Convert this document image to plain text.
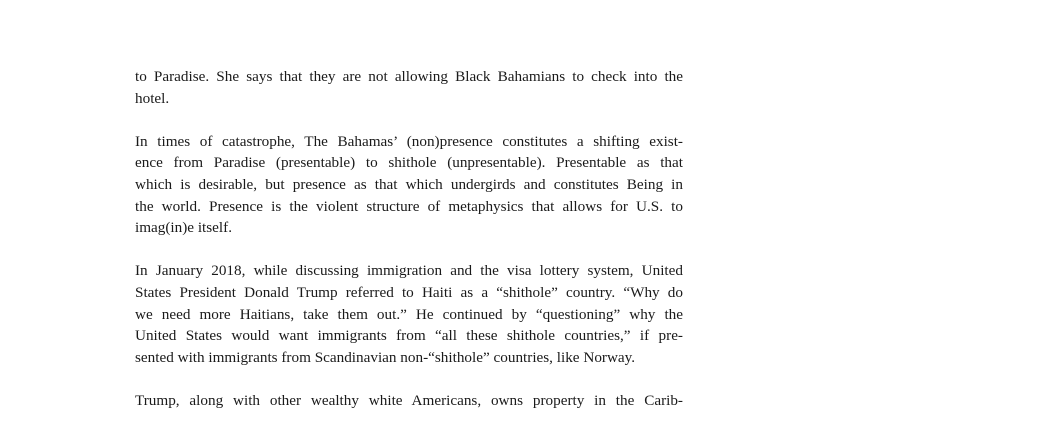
to Paradise. She says that they are not allowing Black Bahamians to check into the
hotel.

In times of catastrophe, The Bahamas’ (non)presence constitutes a shifting exist-
ence from Paradise (presentable) to shithole (unpresentable). Presentable as that
which is desirable, but presence as that which undergirds and constitutes Being in
the world. Presence is the violent structure of metaphysics that allows for U.S. to
imag(in)e itself.

In January 2018, while discussing immigration and the visa lottery system, United
States President Donald Trump referred to Haiti as a “shithole” country. “Why do
we need more Haitians, take them out.” He continued by “questioning” why the
United States would want immigrants from “all these shithole countries,” if pre-
sented with immigrants from Scandinavian non-“shithole” countries, like Norway.

Trump, along with other wealthy white Americans, owns property in the Carib-
